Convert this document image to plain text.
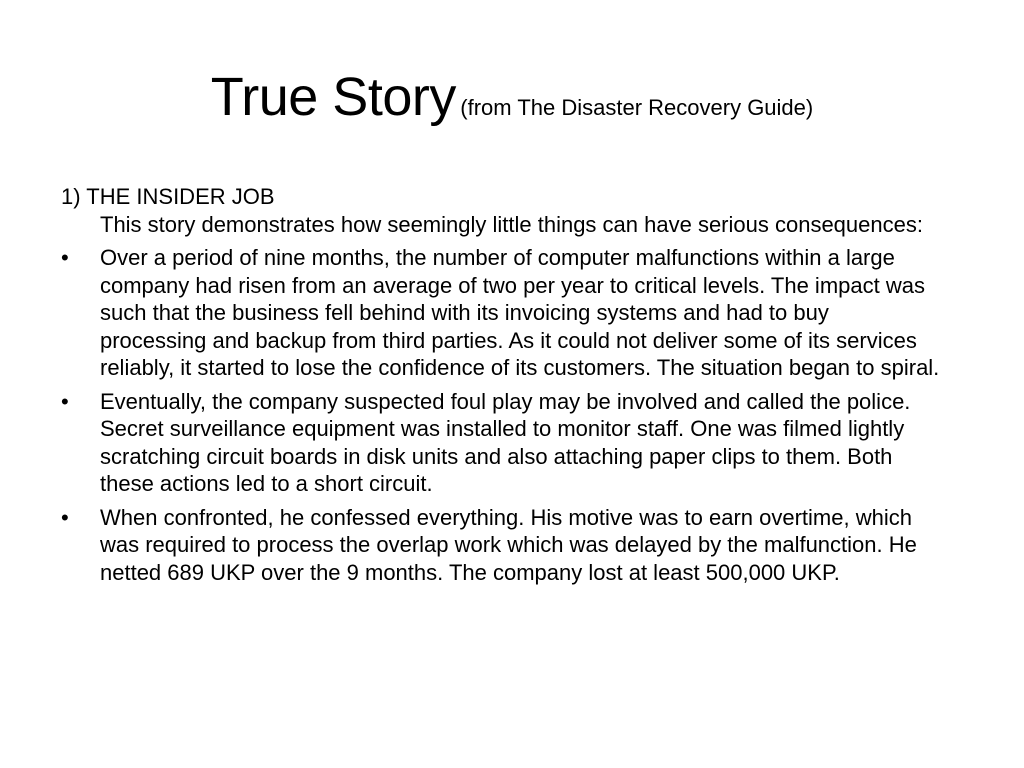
True Story (from The Disaster Recovery Guide)

1) THE INSIDER JOB

This story demonstrates how seemingly little things can have serious consequences:

•	Over a period of nine months, the number of computer malfunctions within a large company had risen from an average of two per year to critical levels. The impact was such that the business fell behind with its invoicing systems and had to buy processing and backup from third parties. As it could not deliver some of its services reliably, it started to lose the confidence of its customers. The situation began to spiral.
•	Eventually, the company suspected foul play may be involved and called the police. Secret surveillance equipment was installed to monitor staff. One was filmed lightly scratching circuit boards in disk units and also attaching paper clips to them. Both these actions led to a short circuit.
•	When confronted, he confessed everything. His motive was to earn overtime, which was required to process the overlap work which was delayed by the malfunction. He netted 689 UKP over the 9 months. The company lost at least 500,000 UKP.
